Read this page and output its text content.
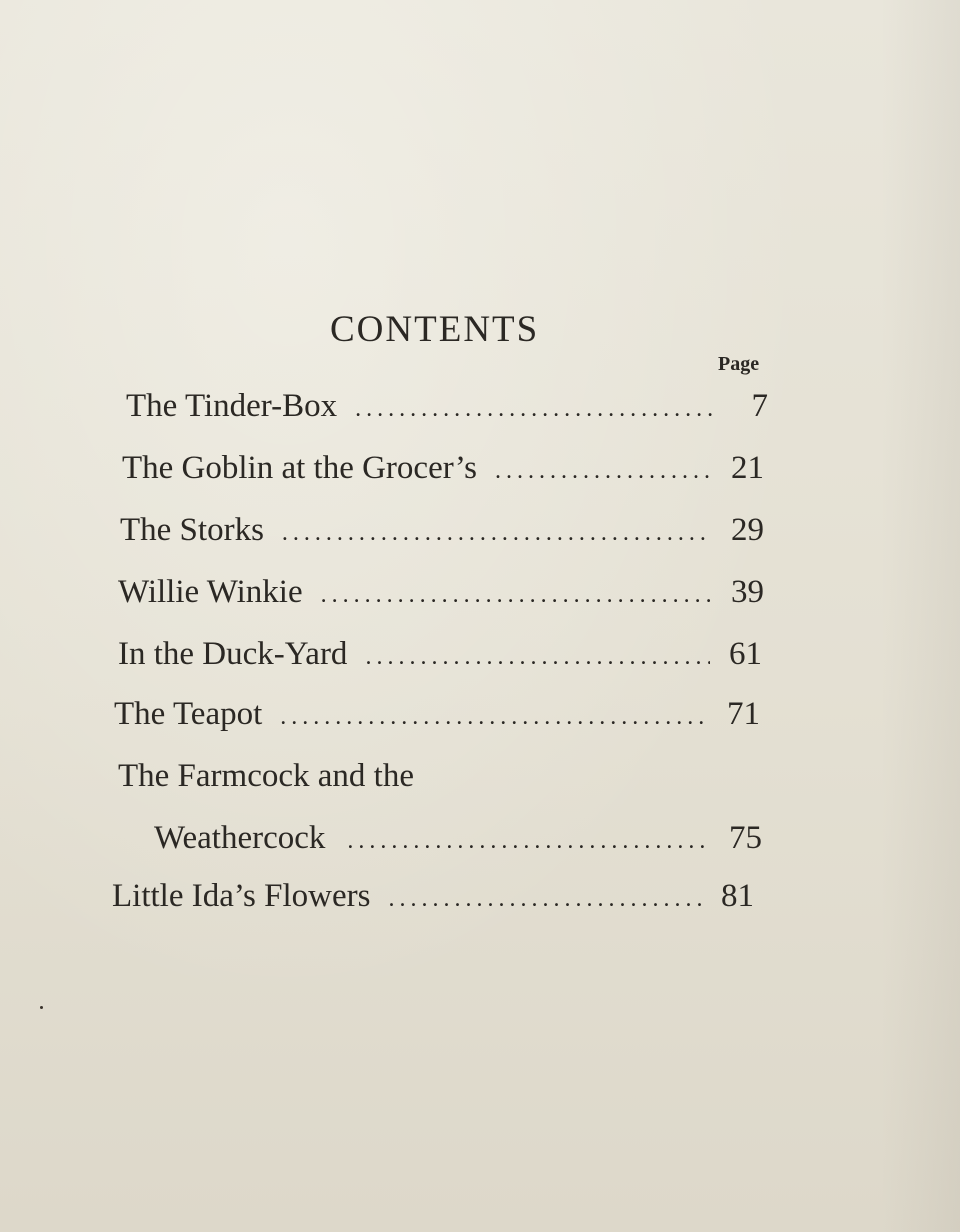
CONTENTS
Page
The Tinder-Box .....	7
The Goblin at the Grocer’s .....	21
The Storks .....	29
Willie Winkie .....	39
In the Duck-Yard .....	61
The Teapot .....	71
The Farmcock and the
Weathercock .....	75
Little Ida’s Flowers .....	81
